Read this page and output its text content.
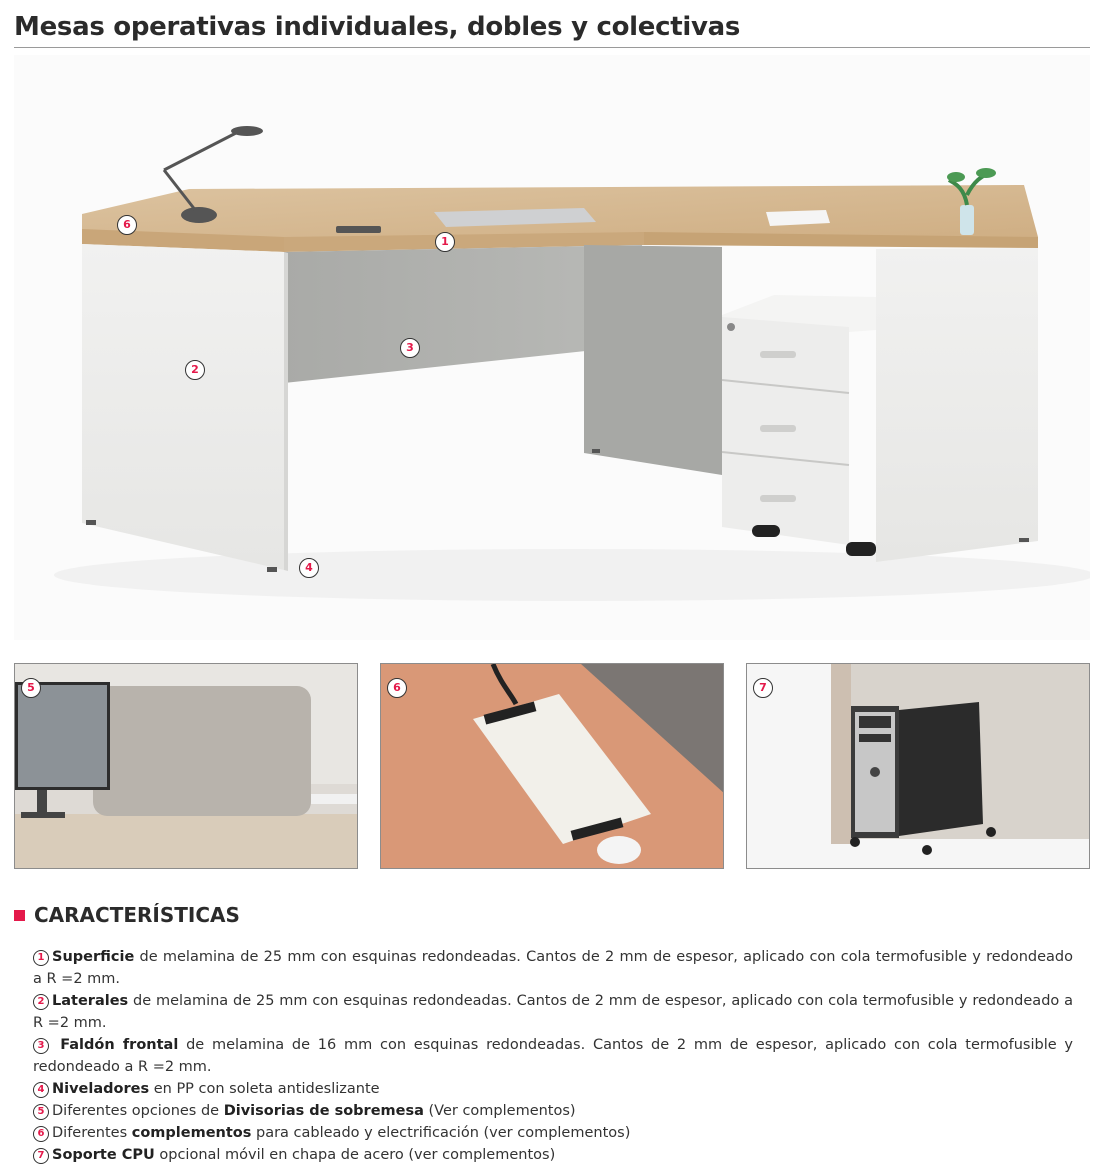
Mesas operativas individuales, dobles y colectivas
1
2
3
4
6
5	6	7
CARACTERÍSTICAS
1 Superficie de melamina de 25 mm con esquinas redondeadas. Cantos de 2 mm de espesor, aplicado con cola termofusible y redondeado a R =2 mm.
2 Laterales de melamina de 25 mm con esquinas redondeadas. Cantos de 2 mm de espesor, aplicado con cola termofusible y redondeado a R =2 mm.
3 Faldón frontal de melamina de 16 mm con esquinas redondeadas. Cantos de 2 mm de espesor, aplicado con cola termofusible y redondeado a R =2 mm.
4 Niveladores en PP con soleta antideslizante
5 Diferentes opciones de Divisorias de sobremesa (Ver complementos)
6 Diferentes complementos para cableado y electrificación (ver complementos)
7 Soporte CPU opcional móvil en chapa de acero (ver complementos)
